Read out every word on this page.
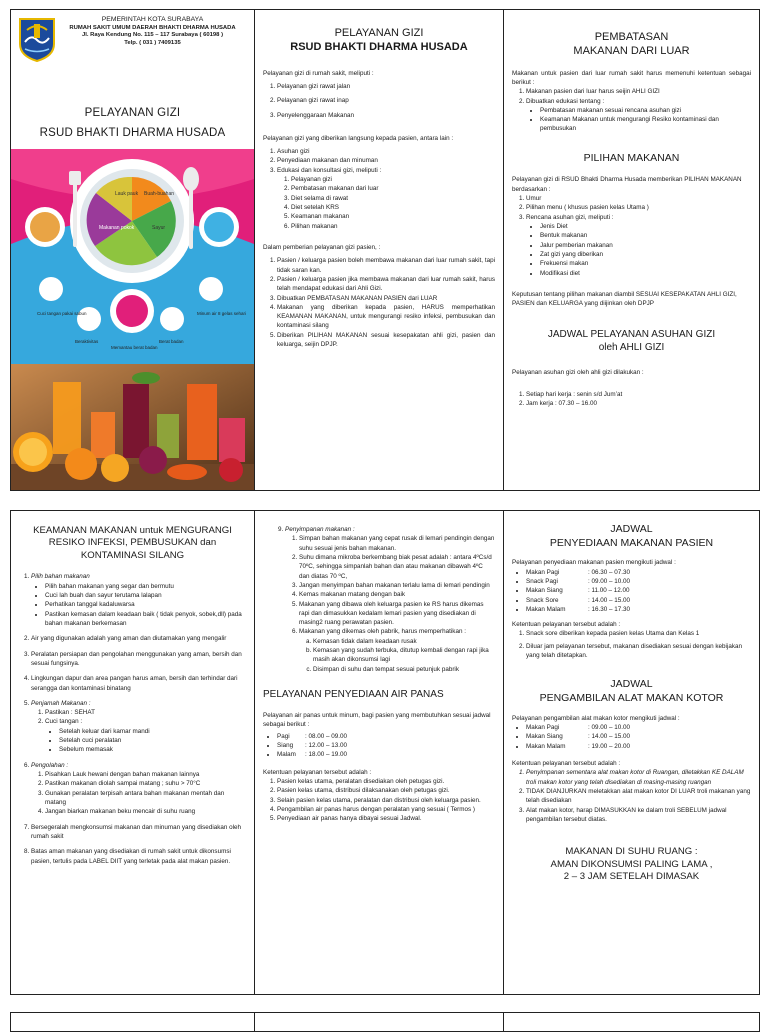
PEMERINTAH KOTA SURABAYA
RUMAH SAKIT UMUM DAERAH BHAKTI DHARMA HUSADA
Jl. Raya Kendung No. 115 – 117 Surabaya ( 60198 )
Telp. ( 031 ) 7409135

PELAYANAN GIZI

RSUD BHAKTI DHARMA HUSADA

Lauk pauk Buah-buahan
Sayur
Makanan pokok
Cuci tangan pakai sabun
Beraktivitas
Minum air 8 gelas sehari
Berat badan
Memantau berat badan

PELAYANAN GIZI

RSUD BHAKTI DHARMA HUSADA

Pelayanan gizi di rumah sakit, meliputi :

1. Pelayanan gizi rawat jalan
2. Pelayanan gizi rawat inap
3. Penyelenggaraan Makanan

Pelayanan gizi yang diberikan langsung kepada pasien, antara lain :

1. Asuhan gizi
2. Penyediaan makanan dan minuman
3. Edukasi dan konsultasi gizi, meliputi :
1. Pelayanan gizi
2. Pembatasan makanan dari luar
3. Diet selama di rawat
4. Diet setelah KRS
5. Keamanan makanan
6. Pilihan makanan

Dalam pemberian pelayanan gizi pasien, :

1. Pasien / keluarga pasien boleh membawa makanan dari luar rumah sakit, tapi tidak saran kan.
2. Pasien / keluarga pasien jika membawa makanan dari luar rumah sakit, harus telah mendapat edukasi dari Ahli Gizi.
3. Dibuatkan PEMBATASAN MAKANAN PASIEN dari LUAR
4. Makanan yang diberikan kepada pasien, HARUS memperhatikan KEAMANAN MAKANAN, untuk mengurangi resiko infeksi, pembusukan dan kontaminasi silang
5. Diberikan PILIHAN MAKANAN sesuai kesepakatan ahli gizi, pasien dan keluarga, seijin DPJP.

PEMBATASAN

MAKANAN DARI LUAR

Makanan untuk pasien dari luar rumah sakit harus memenuhi ketentuan sebagai berikut :

1. Makanan pasien dari luar harus seijin AHLI GIZI
2. Dibuatkan edukasi tentang :
• Pembatasan makanan sesuai rencana asuhan gizi
• Keamanan Makanan untuk mengurangi Resiko kontaminasi dan pembusukan

PILIHAN MAKANAN

Pelayanan gizi di RSUD Bhakti Dharma Husada memberikan PILIHAN MAKANAN berdasarkan :

1. Umur
2. Pilihan menu ( khusus pasien kelas Utama )
3. Rencana asuhan gizi, meliputi :
• Jenis Diet
• Bentuk makanan
• Jalur pemberian makanan
• Zat gizi yang diberikan
• Frekuensi makan
• Modifikasi diet

Keputusan tentang pilihan makanan diambil SESUAI KESEPAKATAN AHLI GIZI, PASIEN dan KELUARGA yang diijinkan oleh DPJP

JADWAL PELAYANAN ASUHAN GIZI

oleh AHLI GIZI

Pelayanan asuhan gizi oleh ahli gizi dilakukan :

1. Setiap hari kerja : senin s/d Jum’at
2. Jam kerja : 07.30 – 16.00

KEAMANAN MAKANAN untuk MENGURANGI RESIKO INFEKSI, PEMBUSUKAN dan KONTAMINASI SILANG

1. Pilih bahan makanan
• Pilih bahan makanan yang segar dan bermutu
• Cuci lah buah dan sayur terutama lalapan
• Perhatikan tanggal kadaluwarsa
• Pastikan kemasan dalam keadaan baik ( tidak penyok, sobek,dll) pada bahan makanan berkemasan
2. Air yang digunakan adalah yang aman dan diutamakan yang mengalir
3. Peralatan persiapan dan pengolahan menggunakan yang aman, bersih dan sesuai fungsinya.
4. Lingkungan dapur dan area pangan harus aman, bersih dan terhindar dari serangga dan kontaminasi binatang
5. Penjamah Makanan :
1. Pastikan : SEHAT
2. Cuci tangan :
• Setelah keluar dari kamar mandi
• Setelah cuci peralatan
• Sebelum memasak
6. Pengolahan :
1. Pisahkan Lauk hewani dengan bahan makanan lainnya
2. Pastikan makanan diolah sampai matang ; suhu > 70°C
3. Gunakan peralatan terpisah antara bahan makanan mentah dan matang
4. Jangan biarkan makanan beku mencair di suhu ruang
7. Bersegeralah mengkonsumsi makanan dan minuman yang disediakan oleh rumah sakit
8. Batas aman makanan yang disediakan di rumah sakit untuk dikonsumsi pasien, tertulis pada LABEL DIIT yang terletak pada alat makan pasien.
9. Penyimpanan makanan :
1. Simpan bahan makanan yang cepat rusak di lemari pendingin dengan suhu sesuai jenis bahan makanan.
2. Suhu dimana mikroba berkembang biak pesat adalah : antara 4ºCs/d 70ºC, sehingga simpanlah bahan dan atau makanan dibawah 4ºC dan diatas 70 ºC,
3. Jangan menyimpan bahan makanan terlalu lama di lemari pendingin
4. Kemas makanan matang dengan baik
5. Makanan yang dibawa oleh keluarga pasien ke RS harus dikemas rapi dan dimasukkan kedalam lemari pasien yang disediakan di masing2 ruang perawatan pasien.
6. Makanan yang dikemas oleh pabrik, harus memperhatikan :
a. Kemasan tidak dalam keadaan rusak
b. Kemasan yang sudah terbuka, ditutup kembali dengan rapi jika masih akan dikonsumsi lagi
c. Disimpan di suhu dan tempat sesuai petunjuk pabrik

PELAYANAN PENYEDIAAN AIR PANAS

Pelayanan air panas untuk minum, bagi pasien yang membutuhkan sesuai jadwal sebagai berikut :

• Pagi : 08.00 – 09.00
• Siang : 12.00 – 13.00
• Malam : 18.00 – 19.00

Ketentuan pelayanan tersebut adalah :

1. Pasien kelas utama, peralatan disediakan oleh petugas gizi.
2. Pasien kelas utama, distribusi dilaksanakan oleh petugas gizi.
3. Selain pasien kelas utama, peralatan dan distribusi oleh keluarga pasien.
4. Pengambilan air panas harus dengan peralatan yang sesuai ( Termos )
5. Penyediaan air panas hanya dibayai sesuai Jadwal.

JADWAL

PENYEDIAAN MAKANAN PASIEN

Pelayanan penyediaan makanan pasien mengikuti jadwal :

• Makan Pagi	: 06.30 – 07.30
• Snack Pagi	: 09.00 – 10.00
• Makan Siang	: 11.00 – 12.00
• Snack Sore	: 14.00 – 15.00
• Makan Malam	: 16.30 – 17.30

Ketentuan pelayanan tersebut adalah :

1. Snack sore diberikan kepada pasien kelas Utama dan Kelas 1
2. Diluar jam pelayanan tersebut, makanan disediakan sesuai dengan kebijakan yang telah ditetapkan.

JADWAL

PENGAMBILAN ALAT MAKAN KOTOR

Pelayanan pengambilan alat makan kotor mengikuti jadwal :

• Makan Pagi	: 09.00 – 10.00
• Makan Siang	: 14.00 – 15.00
• Makan Malam	: 19.00 – 20.00

Ketentuan pelayanan tersebut adalah :

1. Penyimpanan sementara alat makan kotor di Ruangan, diletakkan KE DALAM troli makan kotor yang telah disediakan di masing-masing ruangan
2. TIDAK DIANJURKAN meletakkan alat makan kotor DI LUAR troli makanan yang telah disediakan
3. Alat makan kotor, harap DIMASUKKAN ke dalam troli SEBELUM jadwal pengambilan tersebut diatas.

MAKANAN DI SUHU RUANG :

AMAN DIKONSUMSI PALING LAMA ,

2 – 3 JAM SETELAH DIMASAK
